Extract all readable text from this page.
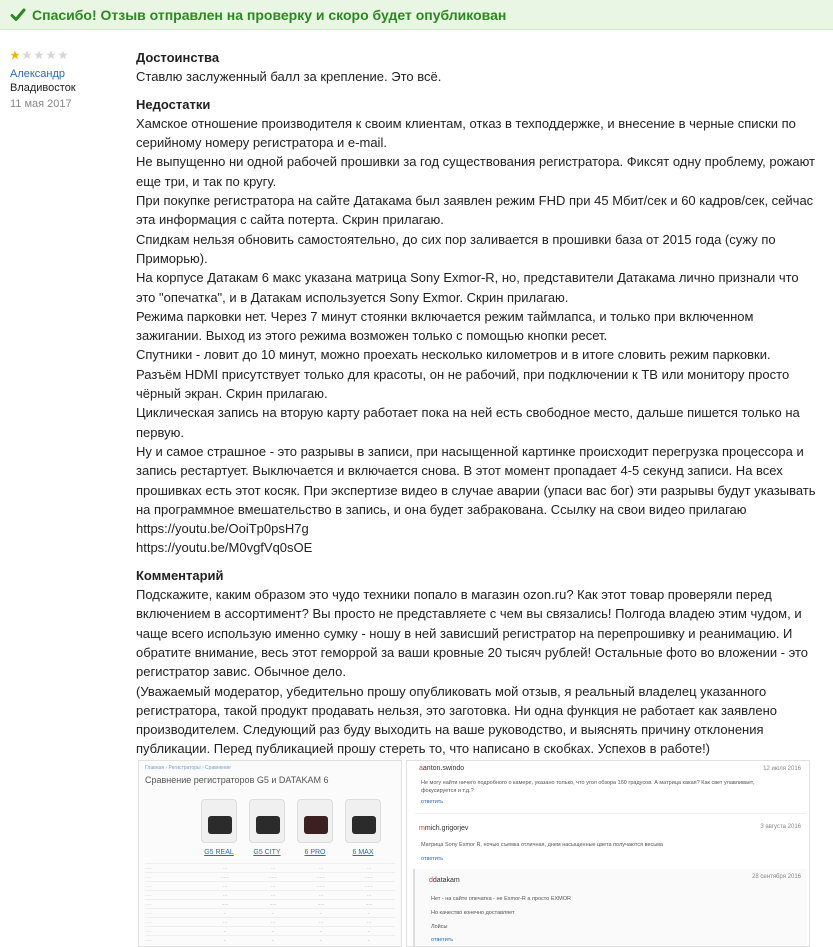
Спасибо! Отзыв отправлен на проверку и скоро будет опубликован
Александр
Владивосток
11 мая 2017
Достоинства
Ставлю заслуженный балл за крепление. Это всё.
Недостатки
Хамское отношение производителя к своим клиентам, отказ в техподдержке, и внесение в черные списки по серийному номеру регистратора и e-mail.
Не выпущенно ни одной рабочей прошивки за год существования регистратора. Фиксят одну проблему, рожают еще три, и так по кругу.
При покупке регистратора на сайте Датакама был заявлен режим FHD при 45 Мбит/сек и 60 кадров/сек, сейчас эта информация с сайта потерта. Скрин прилагаю.
Спидкам нельзя обновить самостоятельно, до сих пор заливается в прошивки база от 2015 года (сужу по Приморью).
На корпусе Датакам 6 макс указана матрица Sony Exmor-R, но, представители Датакама лично признали что это "опечатка", и в Датакам используется Sony Exmor. Скрин прилагаю.
Режима парковки нет. Через 7 минут стоянки включается режим таймлапса, и только при включенном зажигании. Выход из этого режима возможен только с помощью кнопки ресет.
Спутники - ловит до 10 минут, можно проехать несколько километров и в итоге словить режим парковки.
Разъём HDMI присутствует только для красоты, он не рабочий, при подключении к ТВ или монитору просто чёрный экран. Скрин прилагаю.
Циклическая запись на вторую карту работает пока на ней есть свободное место, дальше пишется только на первую.
Ну и самое страшное - это разрывы в записи, при насыщенной картинке происходит перегрузка процессора и запись рестартует. Выключается и включается снова. В этот момент пропадает 4-5 секунд записи. На всех прошивках есть этот косяк. При экспертизе видео в случае аварии (упаси вас бог) эти разрывы будут указывать на программное вмешательство в запись, и она будет забракована. Ссылку на свои видео прилагаю
https://youtu.be/OoiTp0psH7g
https://youtu.be/M0vgfVq0sOE
Комментарий
Подскажите, каким образом это чудо техники попало в магазин ozon.ru? Как этот товар проверяли перед включением в ассортимент? Вы просто не представляете с чем вы связались! Полгода владею этим чудом, и чаще всего использую именно сумку - ношу в ней зависший регистратор на перепрошивку и реанимацию. И обратите внимание, весь этот геморрой за ваши кровные 20 тысяч рублей! Остальные фото во вложении - это регистратор завис. Обычное дело.
(Уважаемый модератор, убедительно прошу опубликовать мой отзыв, я реальный владелец указанного регистратора, такой продукт продавать нельзя, это заготовка. Ни одна функция не работает как заявлено производителем. Следующий раз буду выходить на ваше руководство, и выяснять причину отклонения публикации. Перед публикацией прошу стереть то, что написано в скобках. Успехов в работе!)
Главная › Регистраторы › Сравнение
Сравнение регистраторов G5 и DATAKAM 6
G5 REAL	G5 CITY	6 PRO	6 MAX
·····	···	···	···	···
·····	······	······	······	······
·····	···	···	······	······
·····	···	···	···	···
·····	·····	·····	·····	·····
·····	··	··	··	··
·····	···	···	···	···
·····	··	··	··	··
·····	··	··	··	··
aanton.swindo	12 июля 2016
Не могу найти ничего подробного о камере, указано только, что угол обзора 160 градусов. А матрица какая? Как свет улавливает, фокусируется и т.д.?
ответить
mmich.grigorjev	3 августа 2016
Матрица Sony Exmor R, ночью съемка отличная, днем насыщенные цвета получаются весьма
ответить
ddatakam	28 сентября 2016
Нет - на сайте опечатка - не Exmor-R а просто EXMOR
Но качество конечно доставляет
Лойсы
ответить
